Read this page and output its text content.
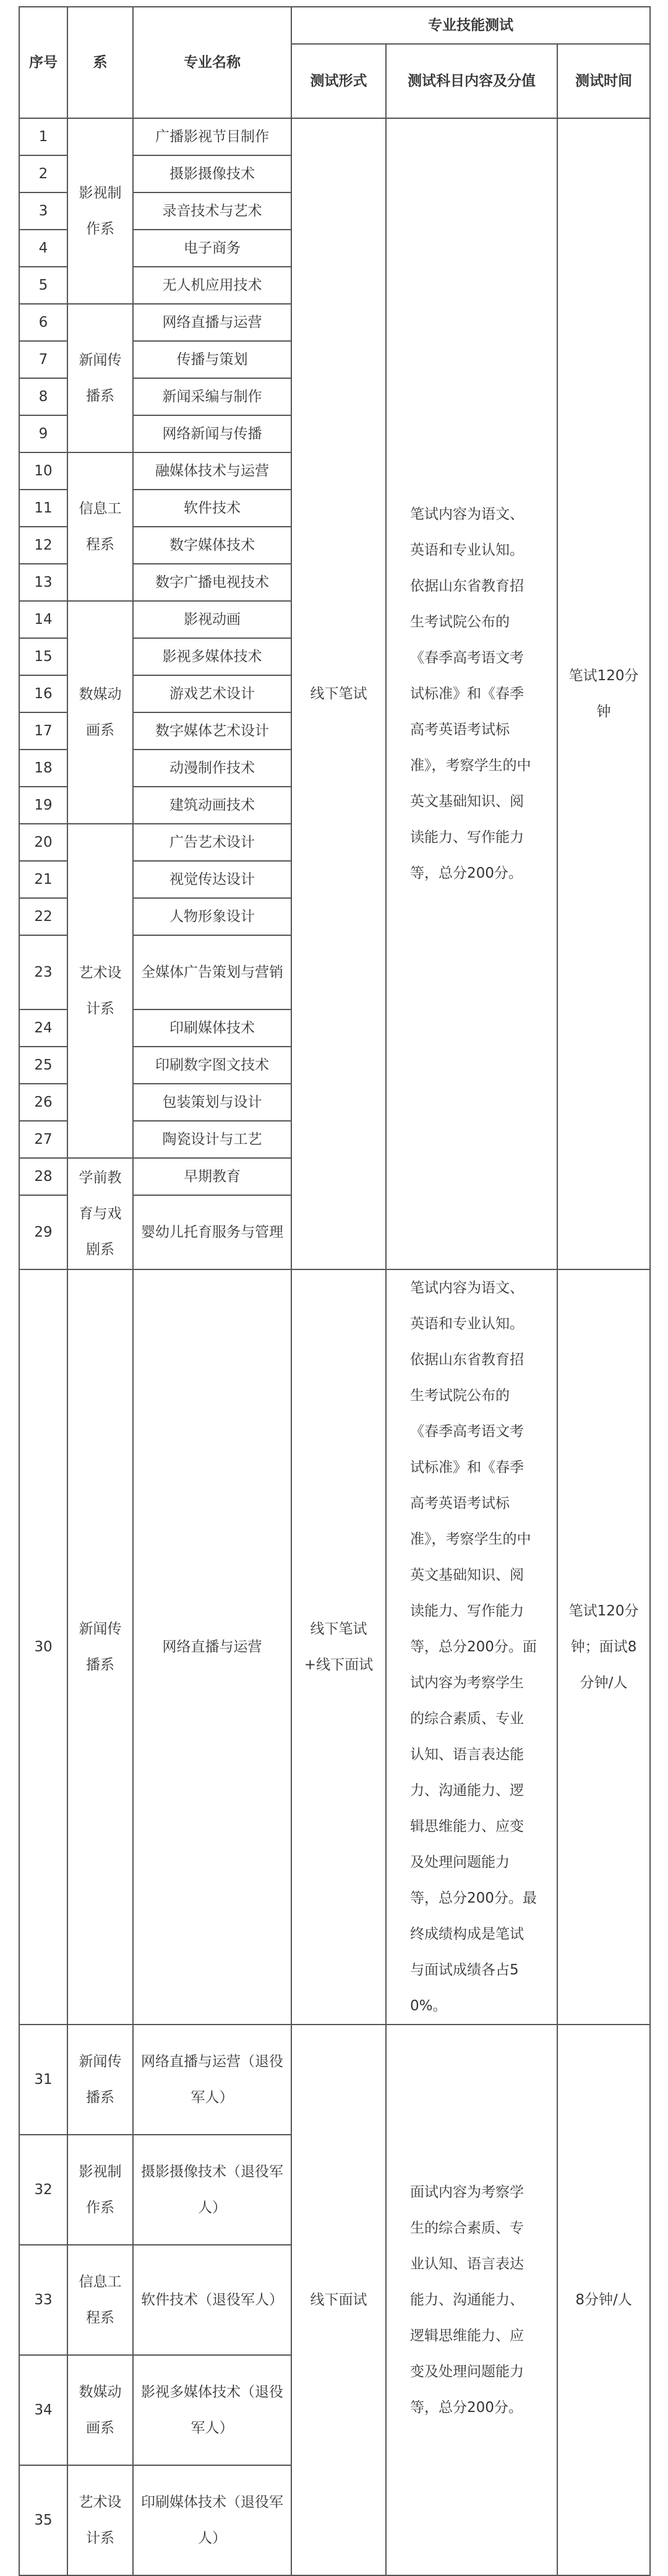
序号	系	专业名称	专业技能测试		
			测试形式	测试科目内容及分值	测试时间
1	影视制作系	广播影视节目制作	线下笔试	笔试内容为语文、英语和专业认知。依据山东省教育招生考试院公布的《春季高考语文考试标准》和《春季高考英语考试标准》，考察学生的中英文基础知识、阅读能力、写作能力等，总分200分。	笔试120分钟
2		摄影摄像技术			
3		录音技术与艺术			
4		电子商务			
5		无人机应用技术			
6	新闻传播系	网络直播与运营			
7		传播与策划			
8		新闻采编与制作			
9		网络新闻与传播			
10	信息工程系	融媒体技术与运营			
11		软件技术			
12		数字媒体技术			
13		数字广播电视技术			
14	数媒动画系	影视动画			
15		影视多媒体技术			
16		游戏艺术设计			
17		数字媒体艺术设计			
18		动漫制作技术			
19		建筑动画技术			
20	艺术设计系	广告艺术设计			
21		视觉传达设计			
22		人物形象设计			
23		全媒体广告策划与营销			
24		印刷媒体技术			
25		印刷数字图文技术			
26		包装策划与设计			
27		陶瓷设计与工艺			
28	学前教育与戏剧系	早期教育			
29		婴幼儿托育服务与管理			
30	新闻传播系	网络直播与运营	线下笔试+线下面试	笔试内容为语文、英语和专业认知。依据山东省教育招生考试院公布的《春季高考语文考试标准》和《春季高考英语考试标准》，考察学生的中英文基础知识、阅读能力、写作能力等，总分200分。面试内容为考察学生的综合素质、专业认知、语言表达能力、沟通能力、逻辑思维能力、应变及处理问题能力等，总分200分。最终成绩构成是笔试与面试成绩各占50%。	笔试120分钟；面试8分钟/人
31	新闻传播系	网络直播与运营（退役军人）	线下面试	面试内容为考察学生的综合素质、专业认知、语言表达能力、沟通能力、逻辑思维能力、应变及处理问题能力等，总分200分。	8分钟/人
32	影视制作系	摄影摄像技术（退役军人）			
33	信息工程系	软件技术（退役军人）			
34	数媒动画系	影视多媒体技术（退役军人）			
35	艺术设计系	印刷媒体技术（退役军人）			
